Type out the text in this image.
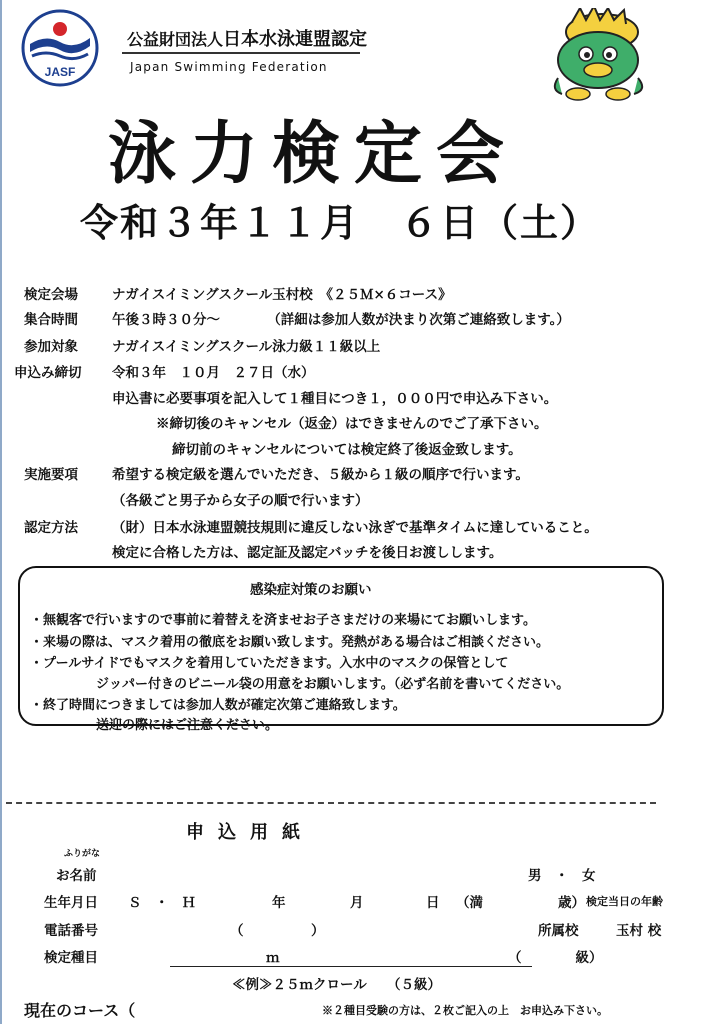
JASF
公益財団法人日本水泳連盟認定
Japan Swimming Federation
泳力検定会
令和３年１１月　６日（土）
検定会場	ナガイスイミングスクール玉村校　《２５Ｍ×６コース》
集合時間	午後３時３０分～　　　　（詳細は参加人数が決まり次第ご連絡致します。）
参加対象	ナガイスイミングスクール泳力級１１級以上
申込み締切 令和３年　１０月　２７日（水）
申込書に必要事項を記入して１種目につき１，０００円で申込み下さい。
※締切後のキャンセル（返金）はできませんのでご了承下さい。
締切前のキャンセルについては検定終了後返金致します。
実施要項	希望する検定級を選んでいただき、５級から１級の順序で行います。
（各級ごと男子から女子の順で行います）
認定方法	（財）日本水泳連盟競技規則に違反しない泳ぎで基準タイムに達していること。
検定に合格した方は、認定証及認定バッチを後日お渡しします。
感染症対策のお願い
・無観客で行いますので事前に着替えを済ませお子さまだけの来場にてお願いします。
・来場の際は、マスク着用の徹底をお願い致します。発熱がある場合はご相談ください。
・プールサイドでもマスクを着用していただきます。入水中のマスクの保管として
ジッパー付きのビニール袋の用意をお願いします。（必ず名前を書いてください。
・終了時間につきましては参加人数が確定次第ご連絡致します。
送迎の際にはご注意ください。
申込用紙
ふりがな
お名前	男　・　女
生年月日 Ｓ　・　Ｈ	年	月	日 （満	歳） 検定当日の年齢
電話番号	（　　　　　）	所属校	玉村 校
検定種目	ｍ	（　　　　級）
≪例≫２５ｍクロール　　（５級）
現在のコース（	※２種目受験の方は、２枚ご記入の上　お申込み下さい。
